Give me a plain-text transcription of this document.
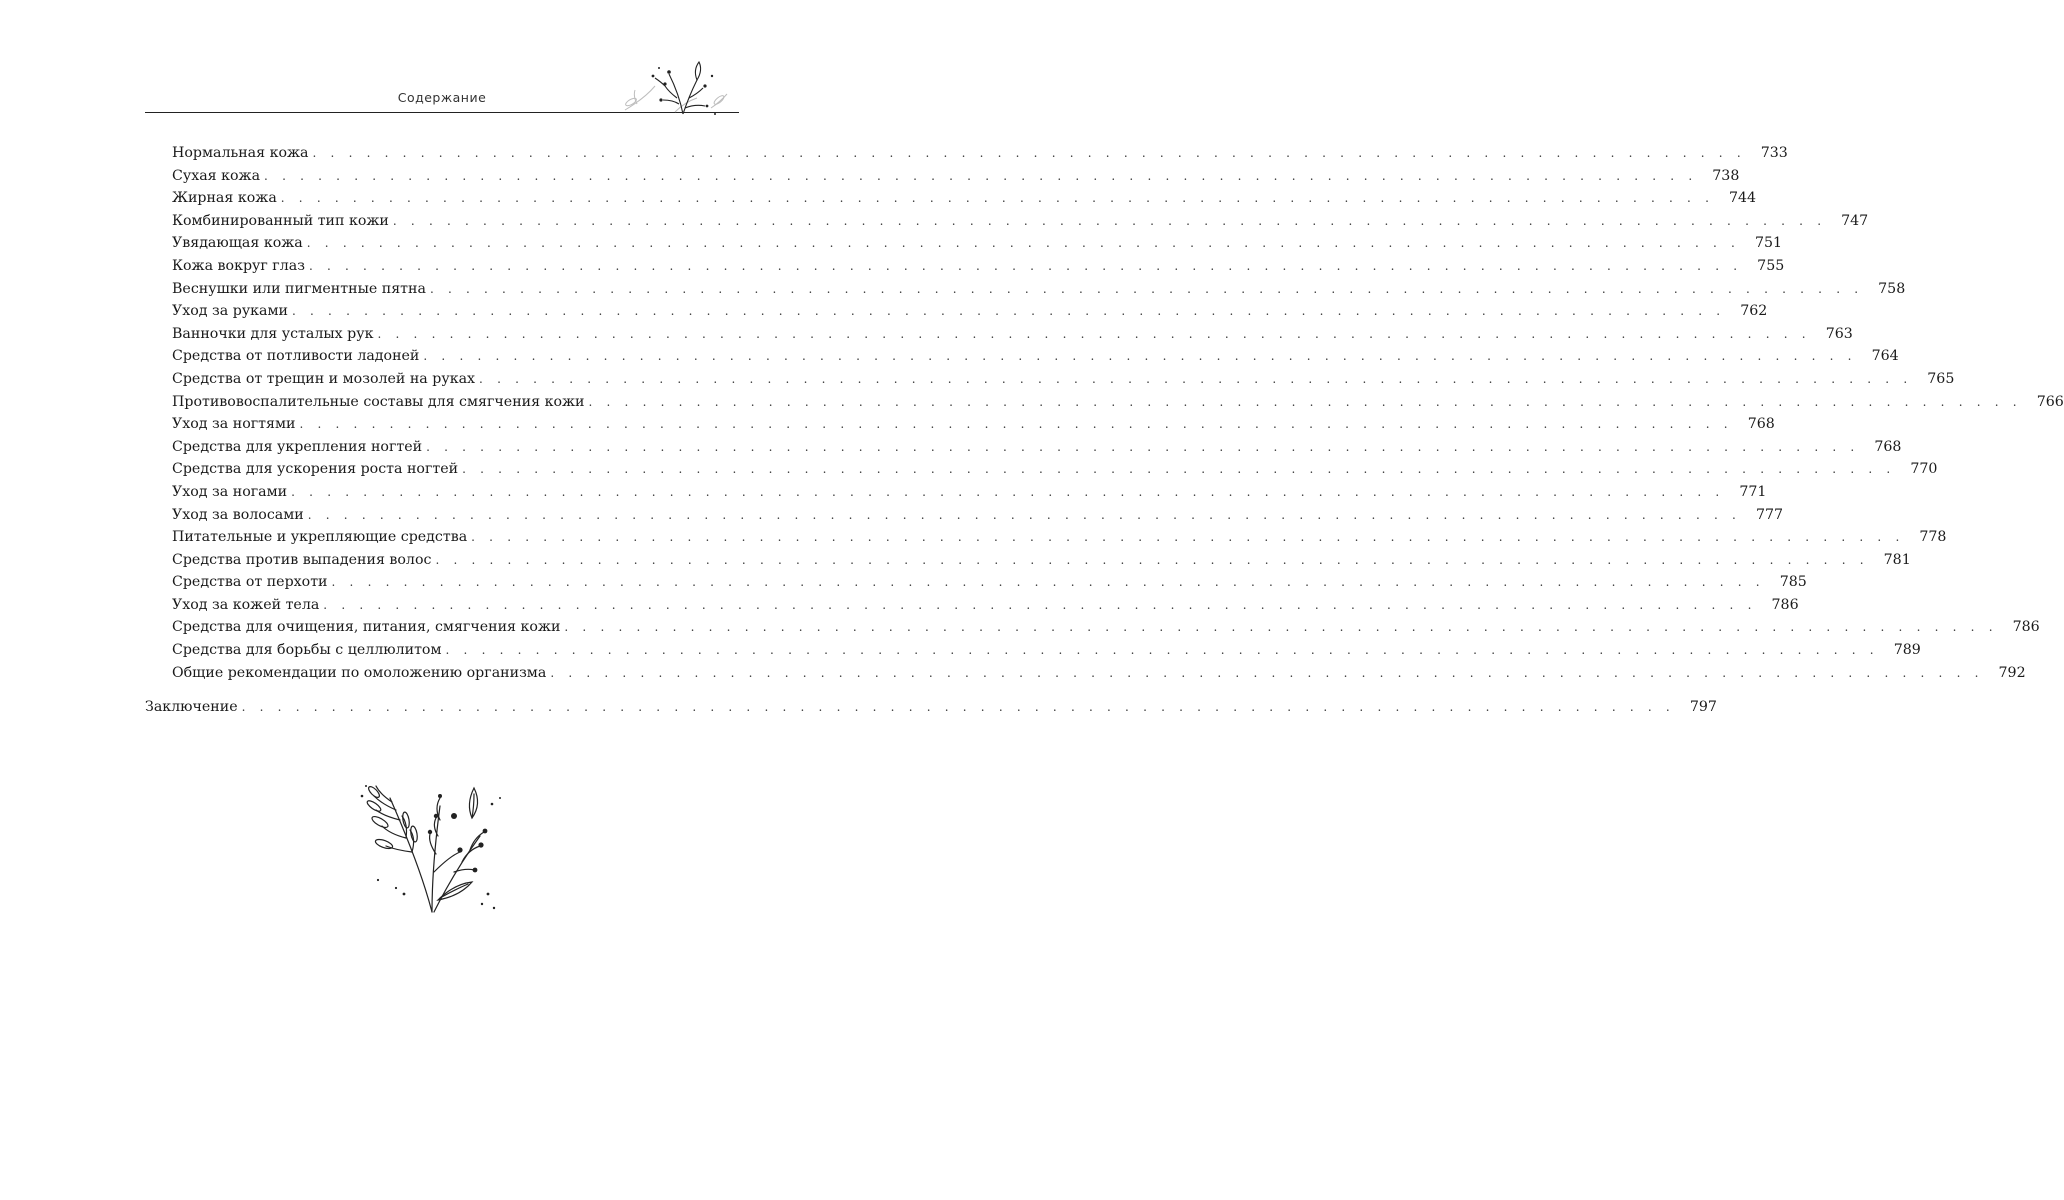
Содержание
Нормальная кожа . . . . . . . . . . . . . . . . . . . . . . . . . . . . . . . . . . . . . . . . . . . . . . . . . . . . . . . . . . . . . . . . . . . . . . . . . . . . . . . .	733
Сухая кожа . . . . . . . . . . . . . . . . . . . . . . . . . . . . . . . . . . . . . . . . . . . . . . . . . . . . . . . . . . . . . . . . . . . . . . . . . . . . . . . .	738
Жирная кожа . . . . . . . . . . . . . . . . . . . . . . . . . . . . . . . . . . . . . . . . . . . . . . . . . . . . . . . . . . . . . . . . . . . . . . . . . . . . . . . .	744
Комбинированный тип кожи . . . . . . . . . . . . . . . . . . . . . . . . . . . . . . . . . . . . . . . . . . . . . . . . . . . . . . . . . . . . . . . . . . . . . . . . . . . . . . . .	747
Увядающая кожа . . . . . . . . . . . . . . . . . . . . . . . . . . . . . . . . . . . . . . . . . . . . . . . . . . . . . . . . . . . . . . . . . . . . . . . . . . . . . . . .	751
Кожа вокруг глаз . . . . . . . . . . . . . . . . . . . . . . . . . . . . . . . . . . . . . . . . . . . . . . . . . . . . . . . . . . . . . . . . . . . . . . . . . . . . . . . .	755
Веснушки или пигментные пятна . . . . . . . . . . . . . . . . . . . . . . . . . . . . . . . . . . . . . . . . . . . . . . . . . . . . . . . . . . . . . . . . . . . . . . . . . . . . . . . .	758
Уход за руками . . . . . . . . . . . . . . . . . . . . . . . . . . . . . . . . . . . . . . . . . . . . . . . . . . . . . . . . . . . . . . . . . . . . . . . . . . . . . . . .	762
Ванночки для усталых рук . . . . . . . . . . . . . . . . . . . . . . . . . . . . . . . . . . . . . . . . . . . . . . . . . . . . . . . . . . . . . . . . . . . . . . . . . . . . . . . .	763
Средства от потливости ладоней . . . . . . . . . . . . . . . . . . . . . . . . . . . . . . . . . . . . . . . . . . . . . . . . . . . . . . . . . . . . . . . . . . . . . . . . . . . . . . . .	764
Средства от трещин и мозолей на руках . . . . . . . . . . . . . . . . . . . . . . . . . . . . . . . . . . . . . . . . . . . . . . . . . . . . . . . . . . . . . . . . . . . . . . . . . . . . . . . .	765
Противовоспалительные составы для смягчения кожи . . . . . . . . . . . . . . . . . . . . . . . . . . . . . . . . . . . . . . . . . . . . . . . . . . . . . . . . . . . . . . . . . . . . . . . . . . . . . . . .	766
Уход за ногтями . . . . . . . . . . . . . . . . . . . . . . . . . . . . . . . . . . . . . . . . . . . . . . . . . . . . . . . . . . . . . . . . . . . . . . . . . . . . . . . .	768
Средства для укрепления ногтей . . . . . . . . . . . . . . . . . . . . . . . . . . . . . . . . . . . . . . . . . . . . . . . . . . . . . . . . . . . . . . . . . . . . . . . . . . . . . . . .	768
Средства для ускорения роста ногтей . . . . . . . . . . . . . . . . . . . . . . . . . . . . . . . . . . . . . . . . . . . . . . . . . . . . . . . . . . . . . . . . . . . . . . . . . . . . . . . .	770
Уход за ногами . . . . . . . . . . . . . . . . . . . . . . . . . . . . . . . . . . . . . . . . . . . . . . . . . . . . . . . . . . . . . . . . . . . . . . . . . . . . . . . .	771
Уход за волосами . . . . . . . . . . . . . . . . . . . . . . . . . . . . . . . . . . . . . . . . . . . . . . . . . . . . . . . . . . . . . . . . . . . . . . . . . . . . . . . .	777
Питательные и укрепляющие средства . . . . . . . . . . . . . . . . . . . . . . . . . . . . . . . . . . . . . . . . . . . . . . . . . . . . . . . . . . . . . . . . . . . . . . . . . . . . . . . .	778
Средства против выпадения волос . . . . . . . . . . . . . . . . . . . . . . . . . . . . . . . . . . . . . . . . . . . . . . . . . . . . . . . . . . . . . . . . . . . . . . . . . . . . . . . .	781
Средства от перхоти . . . . . . . . . . . . . . . . . . . . . . . . . . . . . . . . . . . . . . . . . . . . . . . . . . . . . . . . . . . . . . . . . . . . . . . . . . . . . . . .	785
Уход за кожей тела . . . . . . . . . . . . . . . . . . . . . . . . . . . . . . . . . . . . . . . . . . . . . . . . . . . . . . . . . . . . . . . . . . . . . . . . . . . . . . . .	786
Средства для очищения, питания, смягчения кожи . . . . . . . . . . . . . . . . . . . . . . . . . . . . . . . . . . . . . . . . . . . . . . . . . . . . . . . . . . . . . . . . . . . . . . . . . . . . . . . .	786
Средства для борьбы с целлюлитом . . . . . . . . . . . . . . . . . . . . . . . . . . . . . . . . . . . . . . . . . . . . . . . . . . . . . . . . . . . . . . . . . . . . . . . . . . . . . . . .	789
Общие рекомендации по омоложению организма . . . . . . . . . . . . . . . . . . . . . . . . . . . . . . . . . . . . . . . . . . . . . . . . . . . . . . . . . . . . . . . . . . . . . . . . . . . . . . . .	792
Заключение . . . . . . . . . . . . . . . . . . . . . . . . . . . . . . . . . . . . . . . . . . . . . . . . . . . . . . . . . . . . . . . . . . . . . . . . . . . . . . . .	797
